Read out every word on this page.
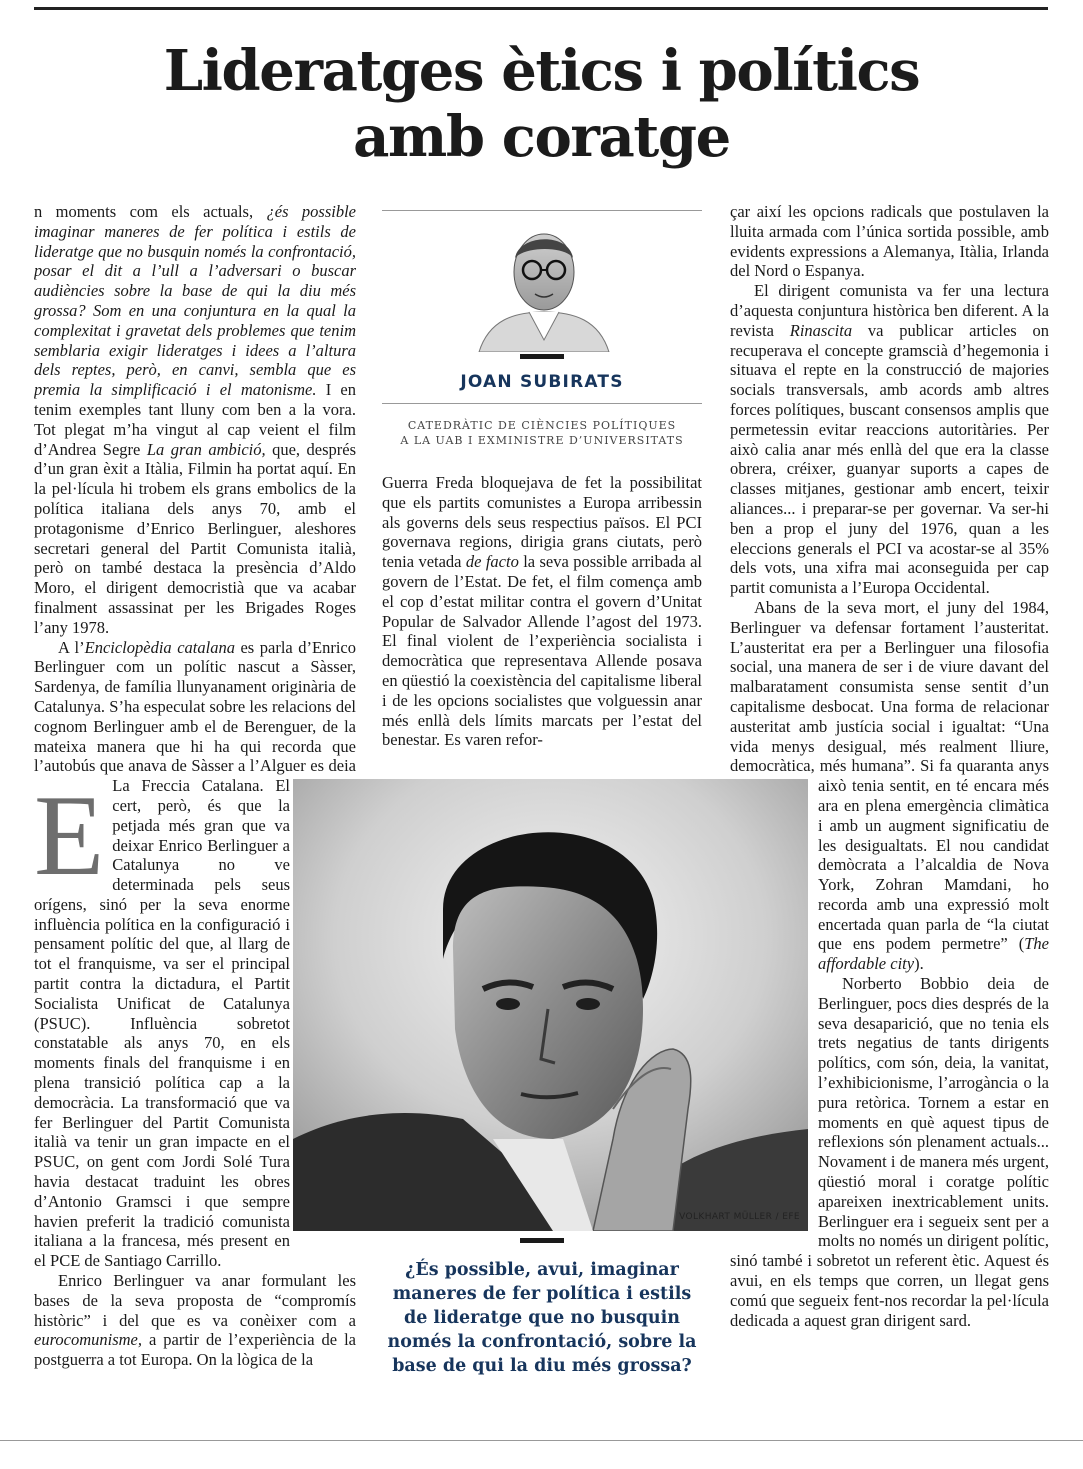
Lideratges ètics i polítics
amb coratge

E
n moments com els actuals, ¿és possible imaginar maneres de fer política i estils de lideratge que no busquin només la confrontació, posar el dit a l’ull a l’adversari o buscar audiències sobre la base de qui la diu més grossa? Som en una conjuntura en la qual la complexitat i gravetat dels problemes que tenim semblaria exigir lideratges i idees a l’altura dels reptes, però, en canvi, sembla que es premia la simplificació i el matonisme. I en tenim exemples tant lluny com ben a la vora. Tot plegat m’ha vingut al cap veient el film d’Andrea Segre La gran ambició, que, després d’un gran èxit a Itàlia, Filmin ha portat aquí. En la pel·lícula hi trobem els grans embolics de la política italiana dels anys 70, amb el protagonisme d’Enrico Berlinguer, aleshores secretari general del Partit Comunista italià, però on també destaca la presència d’Aldo Moro, el dirigent democristià que va acabar finalment assassinat per les Brigades Roges l’any 1978.

A l’Enciclopèdia catalana es parla d’Enrico Berlinguer com un polític nascut a Sàsser, Sardenya, de família llunyanament originària de Catalunya. S’ha especulat sobre les relacions del cognom Berlinguer amb el de Berenguer, de la mateixa manera que hi ha qui recorda que l’autobús que anava de Sàsser a l’Alguer es deia La Freccia Catalana. El cert, però, és que la petjada més gran que va deixar Enrico Berlinguer a Catalunya no ve determinada pels seus orígens, sinó per la seva enorme influència política en la configuració i pensament polític del que, al llarg de tot el franquisme, va ser el principal partit contra la dictadura, el Partit Socialista Unificat de Catalunya (PSUC). Influència sobretot constatable als anys 70, en els moments finals del franquisme i en plena transició política cap a la democràcia. La transformació que va fer Berlinguer del Partit Comunista italià va tenir un gran impacte en el PSUC, on gent com Jordi Solé Tura havia destacat traduint les obres d’Antonio Gramsci i que sempre havien preferit la tradició comunista italiana a la francesa, més present en el PCE de Santiago Carrillo.

Enrico Berlinguer va anar formulant les bases de la seva proposta de “compromís històric” i del que es va conèixer com a eurocomunisme, a partir de l’experiència de la postguerra a tot Europa. On la lògica de la

JOAN SUBIRATS
CATEDRÀTIC DE CIÈNCIES POLÍTIQUES
A LA UAB I EXMINISTRE D’UNIVERSITATS

Guerra Freda bloquejava de fet la possibilitat que els partits comunistes a Europa arribessin als governs dels seus respectius països. El PCI governava regions, dirigia grans ciutats, però tenia vetada de facto la seva possible arribada al govern de l’Estat. De fet, el film comença amb el cop d’estat militar contra el govern d’Unitat Popular de Salvador Allende l’agost del 1973. El final violent de l’experiència socialista i democràtica que representava Allende posava en qüestió la coexistència del capitalisme liberal i de les opcions socialistes que volguessin anar més enllà dels límits marcats per l’estat del benestar. Es varen refor-

çar així les opcions radicals que postulaven la lluita armada com l’única sortida possible, amb evidents expressions a Alemanya, Itàlia, Irlanda del Nord o Espanya.

El dirigent comunista va fer una lectura d’aquesta conjuntura històrica ben diferent. A la revista Rinascita va publicar articles on recuperava el concepte gramscià d’hegemonia i situava el repte en la construcció de majories socials transversals, amb acords amb altres forces polítiques, buscant consensos amplis que permetessin evitar reaccions autoritàries. Per això calia anar més enllà del que era la classe obrera, créixer, guanyar suports a capes de classes mitjanes, gestionar amb encert, teixir aliances... i preparar-se per governar. Va ser-hi ben a prop el juny del 1976, quan a les eleccions generals el PCI va acostar-se al 35% dels vots, una xifra mai aconseguida per cap partit comunista a l’Europa Occidental.

Abans de la seva mort, el juny del 1984, Berlinguer va defensar fortament l’austeritat. L’austeritat era per a Berlinguer una filosofia social, una manera de ser i de viure davant del malbaratament consumista sense sentit d’un capitalisme desbocat. Una forma de relacionar austeritat amb justícia social i igualtat: “Una vida menys desigual, més realment lliure, democràtica, més humana”. Si fa quaranta anys això tenia sentit, en té encara més ara en plena emergència climàtica i amb un augment significatiu de les desigualtats. El nou candidat demòcrata a l’alcaldia de Nova York, Zohran Mamdani, ho recorda amb una expressió molt encertada quan parla de “la ciutat que ens podem permetre” (The affordable city).

Norberto Bobbio deia de Berlinguer, pocs dies després de la seva desaparició, que no tenia els trets negatius de tants dirigents polítics, com són, deia, la vanitat, l’exhibicionisme, l’arrogància o la pura retòrica. Tornem a estar en moments en què aquest tipus de reflexions són plenament actuals... Novament i de manera més urgent, qüestió moral i coratge polític apareixen inextricablement units. Berlinguer era i segueix sent per a molts no només un dirigent polític, sinó també i sobretot un referent ètic. Aquest és avui, en els temps que corren, un llegat gens comú que segueix fent-nos recordar la pel·lícula dedicada a aquest gran dirigent sard.

VOLKHART MÜLLER / EFE
¿És possible, avui, imaginar maneres de fer política i estils de lideratge que no busquin només la confrontació, sobre la base de qui la diu més grossa?
